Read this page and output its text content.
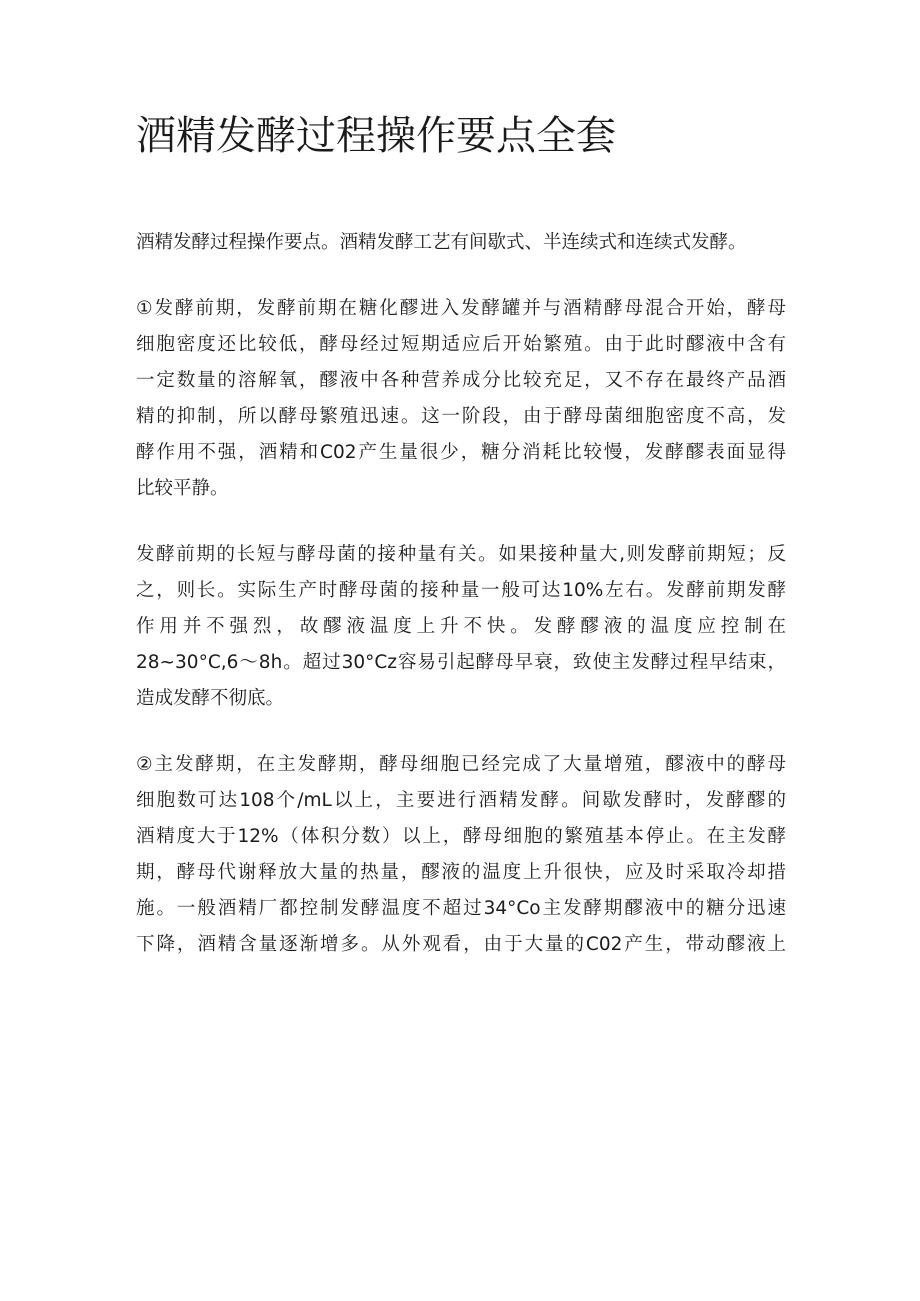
酒精发酵过程操作要点全套
酒精发酵过程操作要点。酒精发酵工艺有间歇式、半连续式和连续式发酵。
①发酵前期，发酵前期在糖化醪进入发酵罐并与酒精酵母混合开始，酵母
细胞密度还比较低，酵母经过短期适应后开始繁殖。由于此时醪液中含有
一定数量的溶解氧，醪液中各种营养成分比较充足，又不存在最终产品酒
精的抑制，所以酵母繁殖迅速。这一阶段，由于酵母菌细胞密度不高，发
酵作用不强，酒精和C02产生量很少，糖分消耗比较慢，发酵醪表面显得
比较平静。
发酵前期的长短与酵母菌的接种量有关。如果接种量大,则发酵前期短；反
之，则长。实际生产时酵母菌的接种量一般可达10%左右。发酵前期发酵
作用并不强烈，故醪液温度上升不快。发酵醪液的温度应控制在
28~30°C,6～8h。超过30°Cz容易引起酵母早衰，致使主发酵过程早结束，
造成发酵不彻底。
②主发酵期，在主发酵期，酵母细胞已经完成了大量增殖，醪液中的酵母
细胞数可达108个/mL以上，主要进行酒精发酵。间歇发酵时，发酵醪的
酒精度大于12%（体积分数）以上，酵母细胞的繁殖基本停止。在主发酵
期，酵母代谢释放大量的热量，醪液的温度上升很快，应及时采取冷却措
施。一般酒精厂都控制发酵温度不超过34°Co主发酵期醪液中的糖分迅速
下降，酒精含量逐渐增多。从外观看，由于大量的C02产生，带动醪液上
